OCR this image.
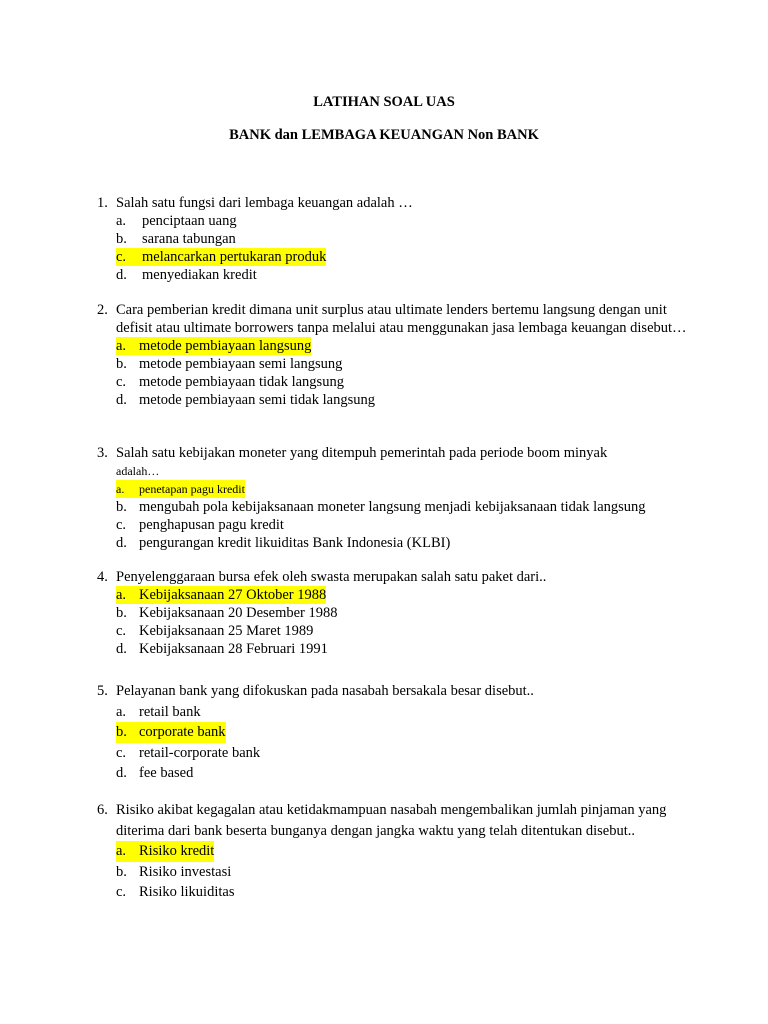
LATIHAN SOAL UAS

BANK dan LEMBAGA KEUANGAN Non BANK

1. Salah satu fungsi dari lembaga keuangan adalah …
a.	penciptaan uang
b.	sarana tabungan
c. melancarkan pertukaran produk
d.	menyediakan kredit
2. Cara pemberian kredit dimana unit surplus atau ultimate lenders bertemu langsung dengan unit defisit atau ultimate borrowers tanpa melalui atau menggunakan jasa lembaga keuangan disebut…
a. metode pembiayaan langsung
b. metode pembiayaan semi langsung
c. metode pembiayaan tidak langsung
d. metode pembiayaan semi tidak langsung
3. Salah satu kebijakan moneter yang ditempuh pemerintah pada periode boom minyak
adalah…
a. penetapan pagu kredit
b. mengubah pola kebijaksanaan moneter langsung menjadi kebijaksanaan tidak langsung
c. penghapusan pagu kredit
d. pengurangan kredit likuiditas Bank Indonesia (KLBI)
4. Penyelenggaraan bursa efek oleh swasta merupakan salah satu paket dari..
a. Kebijaksanaan 27 Oktober 1988
b. Kebijaksanaan 20 Desember 1988
c. Kebijaksanaan 25 Maret 1989
d. Kebijaksanaan 28 Februari 1991
5. Pelayanan bank yang difokuskan pada nasabah bersakala besar disebut..
a. retail bank
b. corporate bank
c. retail-corporate bank
d. fee based
6. Risiko akibat kegagalan atau ketidakmampuan nasabah mengembalikan jumlah pinjaman yang diterima dari bank beserta bunganya dengan jangka waktu yang telah ditentukan disebut..
a. Risiko kredit
b. Risiko investasi
c. Risiko likuiditas
